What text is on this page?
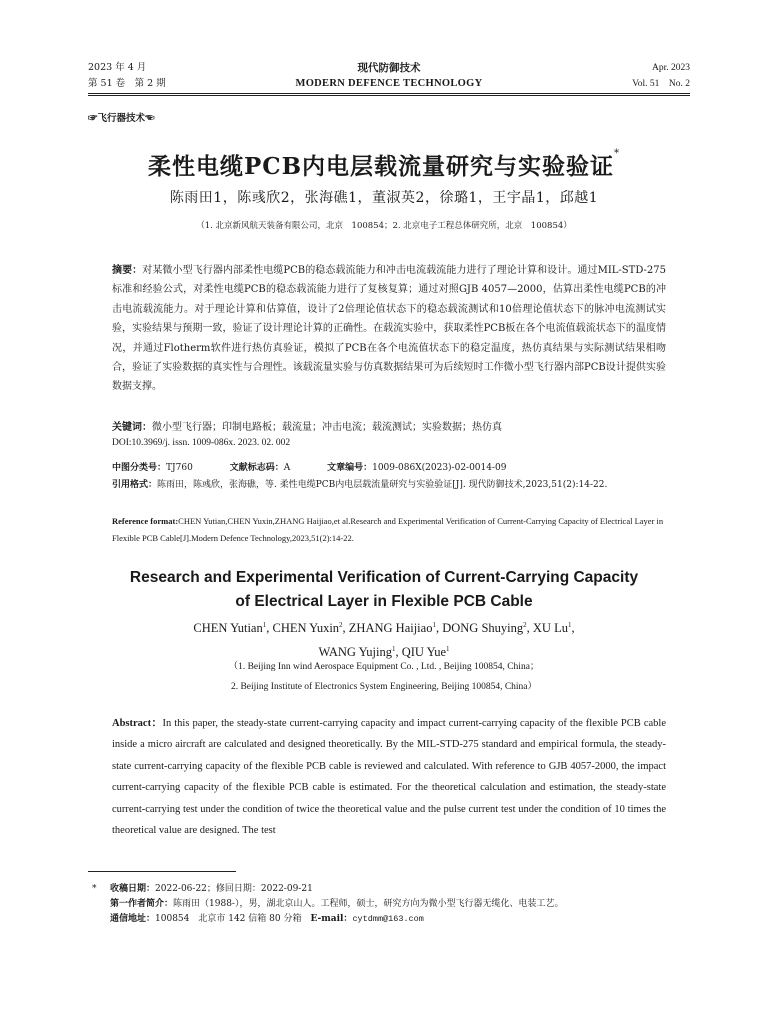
2023 年 4 月
第 51 卷　第 2 期
现代防御技术
MODERN DEFENCE TECHNOLOGY
Apr. 2023
Vol. 51　No. 2
☞飞行器技术☜
柔性电缆PCB内电层载流量研究与实验验证*
陈雨田1，陈彧欣2，张海礁1，董淑英2，徐璐1，王宇晶1，邱越1
（1. 北京新风航天装备有限公司，北京　100854；2. 北京电子工程总体研究所，北京　100854）
摘要：对某微小型飞行器内部柔性电缆PCB的稳态载流能力和冲击电流载流能力进行了理论计算和设计。通过MIL-STD-275标准和经验公式，对柔性电缆PCB的稳态载流能力进行了复核复算；通过对照GJB 4057—2000，估算出柔性电缆PCB的冲击电流载流能力。对于理论计算和估算值，设计了2倍理论值状态下的稳态载流测试和10倍理论值状态下的脉冲电流测试实验，实验结果与预期一致，验证了设计理论计算的正确性。在载流实验中，获取柔性PCB板在各个电流值载流状态下的温度情况，并通过Flotherm软件进行热仿真验证，模拟了PCB在各个电流值状态下的稳定温度，热仿真结果与实际测试结果相吻合，验证了实验数据的真实性与合理性。该载流量实验与仿真数据结果可为后续短时工作微小型飞行器内部PCB设计提供实验数据支撑。
关键词：微小型飞行器；印制电路板；载流量；冲击电流；载流测试；实验数据；热仿真
DOI:10.3969/j. issn. 1009-086x. 2023. 02. 002
中图分类号：TJ760	文献标志码：A	文章编号：1009-086X(2023)-02-0014-09
引用格式：陈雨田，陈彧欣，张海礁，等. 柔性电缆PCB内电层载流量研究与实验验证[J]. 现代防御技术,2023,51(2):14-22.
Reference format:CHEN Yutian,CHEN Yuxin,ZHANG Haijiao,et al.Research and Experimental Verification of Current-Carrying Capacity of Electrical Layer in Flexible PCB Cable[J].Modern Defence Technology,2023,51(2):14-22.
Research and Experimental Verification of Current-Carrying Capacity
of Electrical Layer in Flexible PCB Cable
CHEN Yutian$^1$, CHEN Yuxin$^2$, ZHANG Haijiao$^1$, DONG Shuying$^2$, XU Lu$^1$,
WANG Yujing$^1$, QIU Yue$^1$
（1. Beijing Inn wind Aerospace Equipment Co. , Ltd. , Beijing 100854, China；
2. Beijing Institute of Electronics System Engineering, Beijing 100854, China）
Abstract：In this paper, the steady-state current-carrying capacity and impact current-carrying capacity of the flexible PCB cable inside a micro aircraft are calculated and designed theoretically. By the MIL-STD-275 standard and empirical formula, the steady-state current-carrying capacity of the flexible PCB cable is reviewed and calculated. With reference to GJB 4057-2000, the impact current-carrying capacity of the flexible PCB cable is estimated. For the theoretical calculation and estimation, the steady-state current-carrying test under the condition of twice the theoretical value and the pulse current test under the condition of 10 times the theoretical value are designed. The test
*	收稿日期：2022-06-22；修回日期：2022-09-21
第一作者简介：陈雨田（1988-），男，湖北京山人。工程师，硕士，研究方向为微小型飞行器无缆化、电装工艺。
通信地址：100854　北京市 142 信箱 80 分箱　 E-mail：cytdmm@163.com
